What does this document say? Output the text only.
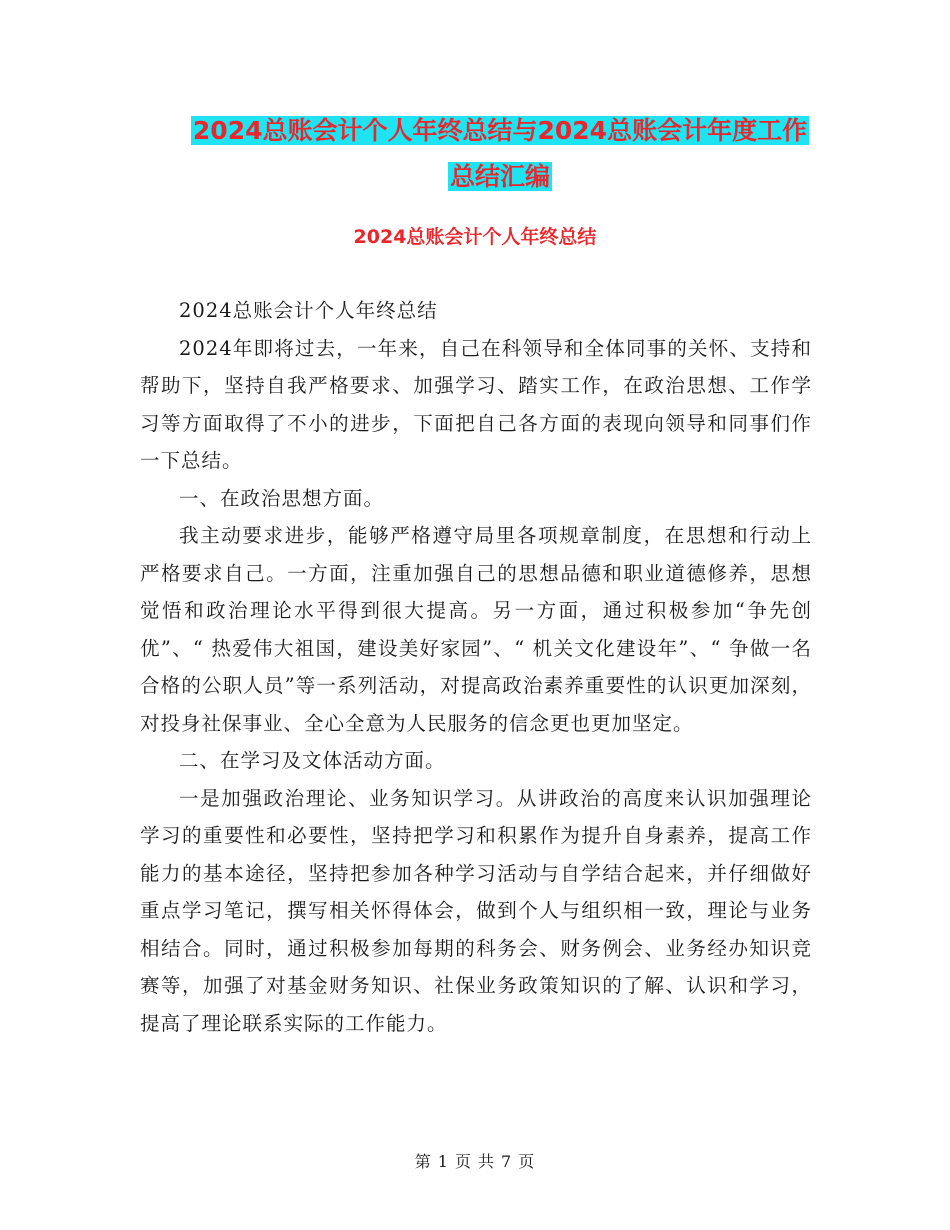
2024总账会计个人年终总结与2024总账会计年度工作
总结汇编
2024总账会计个人年终总结

2024总账会计个人年终总结

2024年即将过去，一年来，自己在科领导和全体同事的关怀、支持和帮助下，坚持自我严格要求、加强学习、踏实工作，在政治思想、工作学习等方面取得了不小的进步，下面把自己各方面的表现向领导和同事们作一下总结。

一、在政治思想方面。

我主动要求进步，能够严格遵守局里各项规章制度，在思想和行动上严格要求自己。一方面，注重加强自己的思想品德和职业道德修养，思想觉悟和政治理论水平得到很大提高。另一方面，通过积极参加“争先创优”、“ 热爱伟大祖国，建设美好家园”、“ 机关文化建设年”、“ 争做一名合格的公职人员”等一系列活动，对提高政治素养重要性的认识更加深刻，对投身社保事业、全心全意为人民服务的信念更也更加坚定。

二、在学习及文体活动方面。

一是加强政治理论、业务知识学习。从讲政治的高度来认识加强理论学习的重要性和必要性，坚持把学习和积累作为提升自身素养，提高工作能力的基本途径，坚持把参加各种学习活动与自学结合起来，并仔细做好重点学习笔记，撰写相关怀得体会，做到个人与组织相一致，理论与业务相结合。同时，通过积极参加每期的科务会、财务例会、业务经办知识竞赛等，加强了对基金财务知识、社保业务政策知识的了解、认识和学习，提高了理论联系实际的工作能力。

第 1 页 共 7 页
